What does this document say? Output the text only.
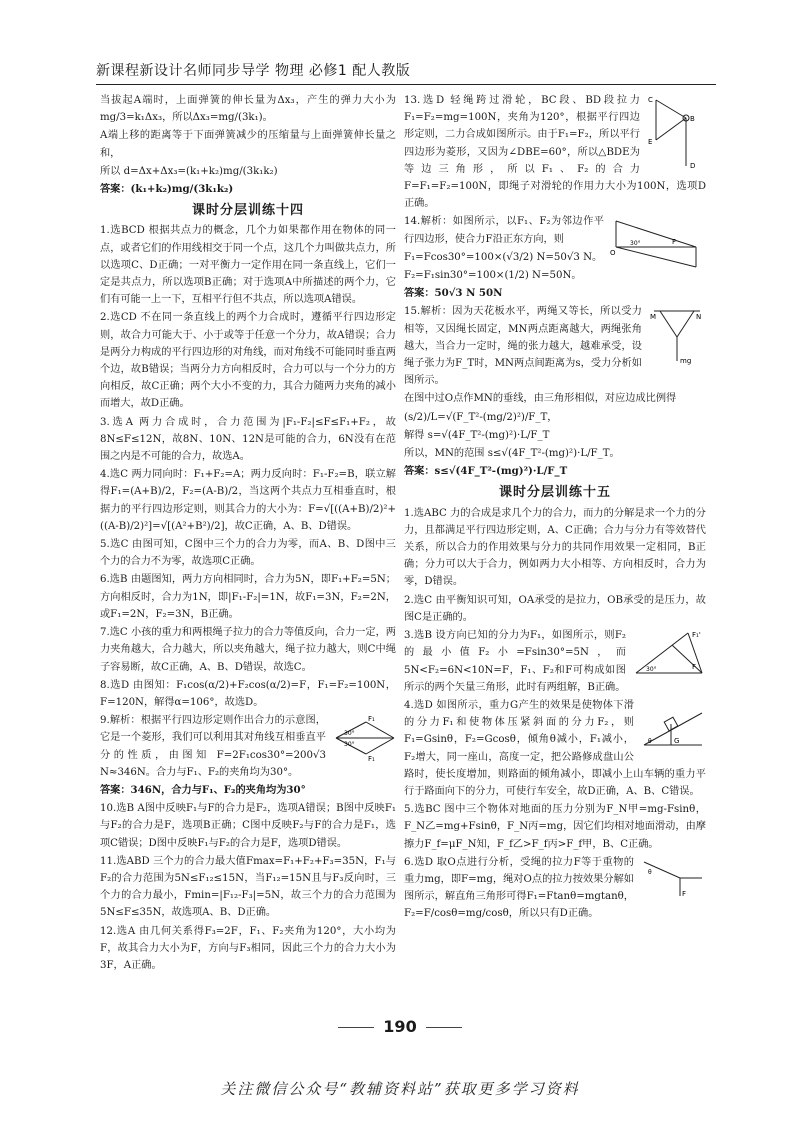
新课程新设计名师同步导学 物理 必修1 配人教版

当拔起A端时，上面弹簧的伸长量为Δx₃，产生的弹力大小为mg/3=k₁Δx₃，所以Δx₃=mg/(3k₁)。

A端上移的距离等于下面弹簧减少的压缩量与上面弹簧伸长量之和，

所以 d=Δx+Δx₃=(k₁+k₂)mg/(3k₁k₂)

答案：(k₁+k₂)mg/(3k₁k₂)

课时分层训练十四

1.选BCD 根据共点力的概念，几个力如果都作用在物体的同一点，或者它们的作用线相交于同一个点，这几个力叫做共点力，所以选项C、D正确；一对平衡力一定作用在同一条直线上，它们一定是共点力，所以选项B正确；对于选项A中所描述的两个力，它们有可能一上一下，互相平行但不共点，所以选项A错误。

2.选CD 不在同一条直线上的两个力合成时，遵循平行四边形定则，故合力可能大于、小于或等于任意一个分力，故A错误；合力是两分力构成的平行四边形的对角线，而对角线不可能同时垂直两个边，故B错误；当两分力方向相反时，合力可以与一个分力的方向相反，故C正确；两个大小不变的力，其合力随两力夹角的减小而增大，故D正确。

3.选A 两力合成时，合力范围为|F₁-F₂|≤F≤F₁+F₂，故8N≤F≤12N，故8N、10N、12N是可能的合力，6N没有在范围之内是不可能的合力，故选A。

4.选C 两力同向时：F₁+F₂=A；两力反向时：F₁-F₂=B，联立解得F₁=(A+B)/2，F₂=(A-B)/2，当这两个共点力互相垂直时，根据力的平行四边形定则，则其合力的大小为：F=√[((A+B)/2)²+((A-B)/2)²]=√[(A²+B²)/2]，故C正确，A、B、D错误。

5.选C 由图可知，C图中三个力的合力为零，而A、B、D图中三个力的合力不为零，故选项C正确。

6.选B 由题图知，两力方向相同时，合力为5N，即F₁+F₂=5N；方向相反时，合力为1N，即|F₁-F₂|=1N，故F₁=3N，F₂=2N，或F₁=2N，F₂=3N，B正确。

7.选C 小孩的重力和两根绳子拉力的合力等值反向，合力一定，两力夹角越大，合力越大，所以夹角越大，绳子拉力越大，则C中绳子容易断，故C正确，A、B、D错误，故选C。

8.选D 由图知：F₁cos(α/2)+F₂cos(α/2)=F，F₁=F₂=100N，F=120N，解得α=106°，故选D。

F₁
F₁
30°
30°

9.解析：根据平行四边形定则作出合力的示意图，它是一个菱形，我们可以利用其对角线互相垂直平分的性质，由图知 F=2F₁cos30°=200√3 N≈346N。合力与F₁、F₂的夹角均为30°。

答案：346N，合力与F₁、F₂的夹角均为30°

10.选B A图中反映F₁与F的合力是F₂，选项A错误；B图中反映F₁与F₂的合力是F，选项B正确；C图中反映F₂与F的合力是F₁，选项C错误；D图中反映F₁与F₂的合力是F，选项D错误。

11.选ABD 三个力的合力最大值Fmax=F₁+F₂+F₃=35N，F₁与F₂的合力范围为5N≤F₁₂≤15N，当F₁₂=15N且与F₃反向时，三个力的合力最小，Fmin=|F₁₂-F₃|=5N，故三个力的合力范围为5N≤F≤35N，故选项A、B、D正确。

12.选A 由几何关系得F₃=2F，F₁、F₂夹角为120°，大小均为F，故其合力大小为F，方向与F₃相同，因此三个力的合力大小为3F，A正确。

C
B
E
D

13.选D 轻绳跨过滑轮，BC段、BD段拉力F₁=F₂=mg=100N，夹角为120°，根据平行四边形定则，二力合成如图所示。由于F₁=F₂，所以平行四边形为菱形，又因为∠DBE=60°，所以△BDE为等边三角形，所以F₁、F₂的合力F=F₁=F₂=100N，即绳子对滑轮的作用力大小为100N，选项D正确。

O
F
30°

14.解析：如图所示，以F₁、F₂为邻边作平行四边形，使合力F沿正东方向，则

F₁=Fcos30°=100×(√3/2) N=50√3 N。

F₂=F₁sin30°=100×(1/2) N=50N。

答案：50√3 N 50N

M	N
mg

15.解析：因为天花板水平，两绳又等长，所以受力相等，又因绳长固定，MN两点距离越大，两绳张角越大，当合力一定时，绳的张力越大，越难承受，设绳子张力为F_T时，MN两点间距离为s，受力分析如图所示。

在图中过O点作MN的垂线，由三角形相似，对应边成比例得

(s/2)/L=√(F_T²-(mg/2)²)/F_T，

解得 s=√(4F_T²-(mg)²)·L/F_T

所以，MN的范围 s≤√(4F_T²-(mg)²)·L/F_T。

答案：s≤√(4F_T²-(mg)²)·L/F_T

课时分层训练十五

1.选ABC 力的合成是求几个力的合力，而力的分解是求一个力的分力，且都满足平行四边形定则，A、C正确；合力与分力有等效替代关系，所以合力的作用效果与分力的共同作用效果一定相同，B正确；分力可以大于合力，例如两力大小相等、方向相反时，合力为零，D错误。

2.选C 由平衡知识可知，OA承受的是拉力，OB承受的是压力，故图C是正确的。

F₁'
F
30°

3.选B 设方向已知的分力为F₁，如图所示，则F₂的最小值F₂小=Fsin30°=5N，而5N<F₂=6N<10N=F，F₁、F₂和F可构成如图所示的两个矢量三角形，此时有两组解，B正确。

G
θ

4.选D 如图所示，重力G产生的效果是使物体下滑的分力F₁和使物体压紧斜面的分力F₂，则F₁=Gsinθ，F₂=Gcosθ，倾角θ减小，F₁减小，F₂增大，同一座山，高度一定，把公路修成盘山公路时，使长度增加，则路面的倾角减小，即减小上山车辆的重力平行于路面向下的分力，可使行车安全，故D正确，A、B、C错误。

5.选BC 图中三个物体对地面的压力分别为F_N甲=mg-Fsinθ，F_N乙=mg+Fsinθ，F_N丙=mg，因它们均相对地面滑动，由摩擦力F_f=μF_N知，F_f乙>F_f丙>F_f甲，B、C正确。

F
θ

6.选D 取O点进行分析，受绳的拉力F等于重物的重力mg，即F=mg，绳对O点的拉力按效果分解如图所示，解直角三角形可得F₁=Ftanθ=mgtanθ，F₂=F/cosθ=mg/cosθ，所以只有D正确。

190
关注微信公众号“教辅资料站”获取更多学习资料
